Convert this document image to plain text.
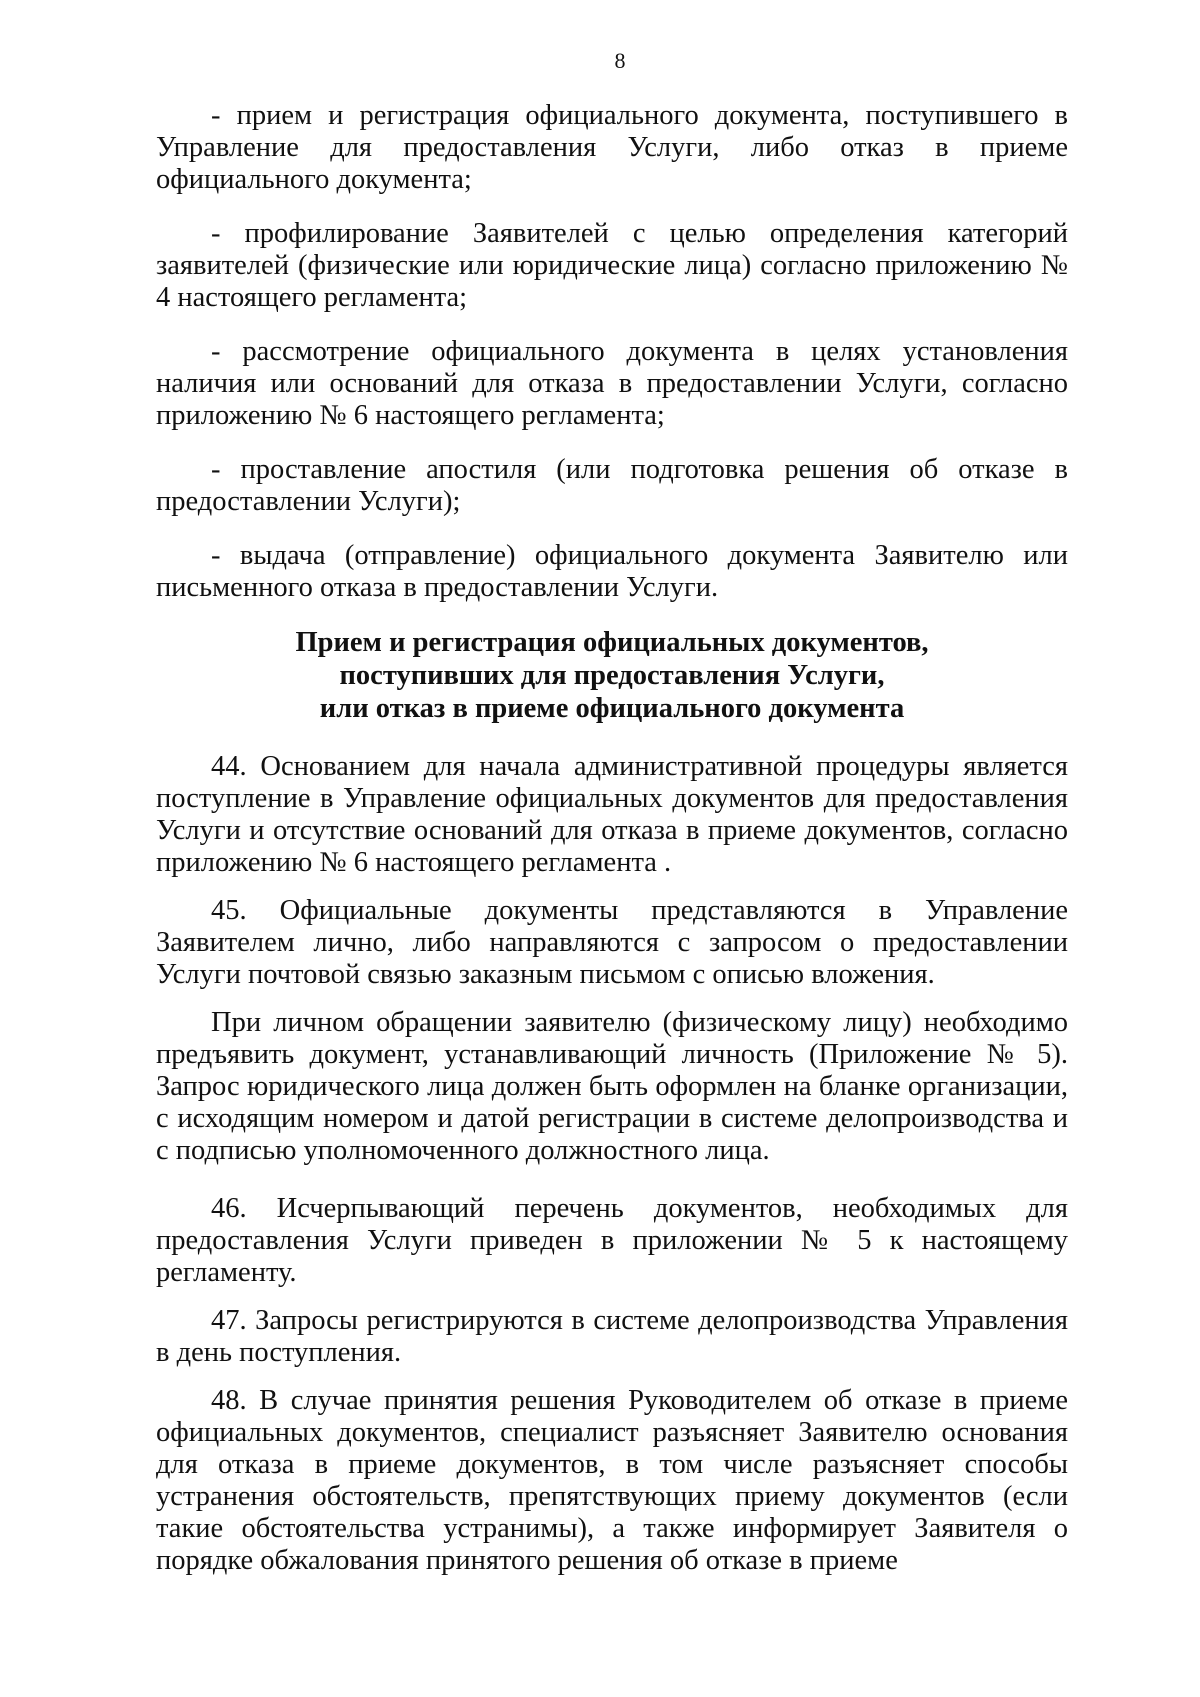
8

- прием и регистрация официального документа, поступившего в Управление для предоставления Услуги, либо отказ в приеме официального документа;

- профилирование Заявителей с целью определения категорий заявителей (физические или юридические лица) согласно приложению № 4 настоящего регламента;

- рассмотрение официального документа в целях установления наличия или оснований для отказа в предоставлении Услуги, согласно приложению № 6 настоящего регламента;

- проставление апостиля (или подготовка решения об отказе в предоставлении Услуги);

- выдача (отправление) официального документа Заявителю или письменного отказа в предоставлении Услуги.

Прием и регистрация официальных документов,
поступивших для предоставления Услуги,
или отказ в приеме официального документа

44. Основанием для начала административной процедуры является поступление в Управление официальных документов для предоставления Услуги и отсутствие оснований для отказа в приеме документов, согласно приложению № 6 настоящего регламента .

45. Официальные документы представляются в Управление Заявителем лично, либо направляются с запросом о предоставлении Услуги почтовой связью заказным письмом с описью вложения.

При личном обращении заявителю (физическому лицу) необходимо предъявить документ, устанавливающий личность (Приложение № 5). Запрос юридического лица должен быть оформлен на бланке организации, с исходящим номером и датой регистрации в системе делопроизводства и с подписью уполномоченного должностного лица.

46. Исчерпывающий перечень документов, необходимых для предоставления Услуги приведен в приложении № 5 к настоящему регламенту.

47. Запросы регистрируются в системе делопроизводства Управления в день поступления.

48. В случае принятия решения Руководителем об отказе в приеме официальных документов, специалист разъясняет Заявителю основания для отказа в приеме документов, в том числе разъясняет способы устранения обстоятельств, препятствующих приему документов (если такие обстоятельства устранимы), а также информирует Заявителя о порядке обжалования принятого решения об отказе в приеме
